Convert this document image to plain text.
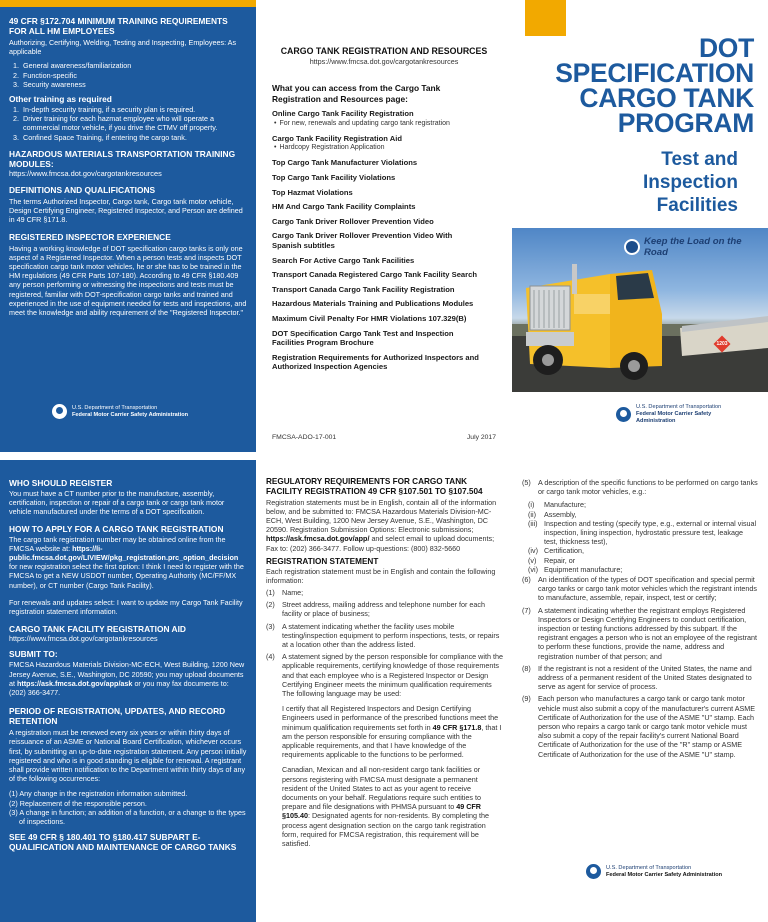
49 CFR §172.704 MINIMUM TRAINING REQUIREMENTS FOR ALL HM EMPLOYEES
Authorizing, Certifying, Welding, Testing and Inspecting, Employees: As applicable
1. General awareness/familiarization
2. Function-specific
3. Security awareness
Other training as required
1. In-depth security training, if a security plan is required.
2. Driver training for each hazmat employee who will operate a commercial motor vehicle, if you drive the CTMV off property.
3. Confined Space Training, if entering the cargo tank.
HAZARDOUS MATERIALS TRANSPORTATION TRAINING MODULES:
https://www.fmcsa.dot.gov/cargotankresources
DEFINITIONS AND QUALIFICATIONS
The terms Authorized Inspector, Cargo tank, Cargo tank motor vehicle, Design Certifying Engineer, Registered Inspector, and Person are defined in 49 CFR §171.8.
REGISTERED INSPECTOR EXPERIENCE
Having a working knowledge of DOT specification cargo tanks is only one aspect of a Registered Inspector. When a person tests and inspects DOT specification cargo tank motor vehicles, he or she has to be trained in the HM regulations (49 CFR Parts 107-180). According to 49 CFR §180.409 any person performing or witnessing the inspections and tests must be registered, familiar with DOT-specification cargo tanks and trained and experienced in the use of equipment needed for tests and inspections, and meet the knowledge and ability requirement of the "Registered Inspector."
U.S. Department of Transportation
Federal Motor Carrier Safety Administration
CARGO TANK REGISTRATION AND RESOURCES
https://www.fmcsa.dot.gov/cargotankresources
What you can access from the Cargo Tank Registration and Resources page:
Online Cargo Tank Facility Registration
• For new, renewals and updating cargo tank registration
Cargo Tank Facility Registration Aid
• Hardcopy Registration Application
Top Cargo Tank Manufacturer Violations
Top Cargo Tank Facility Violations
Top Hazmat Violations
HM And Cargo Tank Facility Complaints
Cargo Tank Driver Rollover Prevention Video
Cargo Tank Driver Rollover Prevention Video With Spanish subtitles
Search For Active Cargo Tank Facilities
Transport Canada Registered Cargo Tank Facility Search
Transport Canada Cargo Tank Facility Registration
Hazardous Materials Training and Publications Modules
Maximum Civil Penalty For HMR Violations 107.329(B)
DOT Specification Cargo Tank Test and Inspection Facilities Program Brochure
Registration Requirements for Authorized Inspectors and Authorized Inspection Agencies
FMCSA-ADO-17-001	July 2017
DOT
SPECIFICATION
CARGO TANK
PROGRAM
Test and
Inspection
Facilities
1203
Keep the Load on the Road
U.S. Department of Transportation
Federal Motor Carrier Safety Administration
WHO SHOULD REGISTER
You must have a CT number prior to the manufacture, assembly, certification, inspection or repair of a cargo tank or cargo tank motor vehicle manufactured under the terms of a DOT specification.
HOW TO APPLY FOR A CARGO TANK REGISTRATION
The cargo tank registration number may be obtained online from the FMCSA website at: https://li-public.fmcsa.dot.gov/LIVIEW/pkg_registration.prc_option_decision for new registration select the first option: I think I need to register with the FMCSA to get a NEW USDOT number, Operating Authority (MC/FF/MX number), or CT number (Cargo Tank Facility).
For renewals and updates select: I want to update my Cargo Tank Facility registration statement information.
CARGO TANK FACILITY REGISTRATION AID
https://www.fmcsa.dot.gov/cargotankresources
SUBMIT TO:
FMCSA Hazardous Materials Division-MC-ECH, West Building, 1200 New Jersey Avenue, S.E., Washington, DC 20590; you may upload documents at https://ask.fmcsa.dot.gov/app/ask or you may fax documents to: (202) 366-3477.
PERIOD OF REGISTRATION, UPDATES, AND RECORD RETENTION
A registration must be renewed every six years or within thirty days of reissuance of an ASME or National Board Certification, whichever occurs first, by submitting an up-to-date registration statement. Any person initially registered and who is in good standing is eligible for renewal. A registrant shall provide written notification to the Department within thirty days of any of the following occurrences:
(1) Any change in the registration information submitted.
(2) Replacement of the responsible person.
(3) A change in function; an addition of a function, or a change to the types of inspections.
SEE 49 CFR § 180.401 TO §180.417 SUBPART E-QUALIFICATION AND MAINTENANCE OF CARGO TANKS
REGULATORY REQUIREMENTS FOR CARGO TANK FACILITY REGISTRATION 49 CFR §107.501 TO §107.504
Registration statements must be in English, contain all of the information below, and be submitted to: FMCSA Hazardous Materials Division-MC-ECH, West Building, 1200 New Jersey Avenue, S.E., Washington, DC 20590. Registration Submission Options: Electronic submissions; https://ask.fmcsa.dot.gov/app/ and select email to upload documents; Fax to: (202) 366-3477. Follow up-questions: (800) 832-5660
REGISTRATION STATEMENT
Each registration statement must be in English and contain the following information:
(1)	Name;
(2)	Street address, mailing address and telephone number for each facility or place of business;
(3)	A statement indicating whether the facility uses mobile testing/inspection equipment to perform inspections, tests, or repairs at a location other than the address listed.
(4)	A statement signed by the person responsible for compliance with the applicable requirements, certifying knowledge of those requirements and that each employee who is a Registered Inspector or Design Certifying Engineer meets the minimum qualification requirements The following language may be used:
I certify that all Registered Inspectors and Design Certifying Engineers used in performance of the prescribed functions meet the minimum qualification requirements set forth in 49 CFR §171.8, that I am the person responsible for ensuring compliance with the applicable requirements, and that I have knowledge of the requirements applicable to the functions to be performed.
Canadian, Mexican and all non-resident cargo tank facilities or persons registering with FMCSA must designate a permanent resident of the United States to act as your agent to receive documents on your behalf. Regulations require such entities to prepare and file designations with PHMSA pursuant to 49 CFR §105.40: Designated agents for non-residents. By completing the process agent designation section on the cargo tank registration form, required for FMCSA registration, this requirement will be satisfied.
(5)	A description of the specific functions to be performed on cargo tanks or cargo tank motor vehicles, e.g.:
(i)	Manufacture;
(ii)	Assembly,
(iii) Inspection and testing (specify type, e.g., external or internal visual inspection, lining inspection, hydrostatic pressure test, leakage test, thickness test),
(iv) Certification,
(v)	Repair, or
(vi) Equipment manufacture;
(6)	An identification of the types of DOT specification and special permit cargo tanks or cargo tank motor vehicles which the registrant intends to manufacture, assemble, repair, inspect, test or certify;
(7)	A statement indicating whether the registrant employs Registered Inspectors or Design Certifying Engineers to conduct certification, inspection or testing functions addressed by this subpart. If the registrant engages a person who is not an employee of the registrant to perform these functions, provide the name, address and registration number of that person; and
(8)	If the registrant is not a resident of the United States, the name and address of a permanent resident of the United States designated to serve as agent for service of process.
(9)	Each person who manufactures a cargo tank or cargo tank motor vehicle must also submit a copy of the manufacturer's current ASME Certificate of Authorization for the use of the ASME "U" stamp. Each person who repairs a cargo tank or cargo tank motor vehicle must also submit a copy of the repair facility's current National Board Certificate of Authorization for the use of the "R" stamp or ASME Certificate of Authorization for the use of the ASME "U" stamp.
U.S. Department of Transportation
Federal Motor Carrier Safety Administration
